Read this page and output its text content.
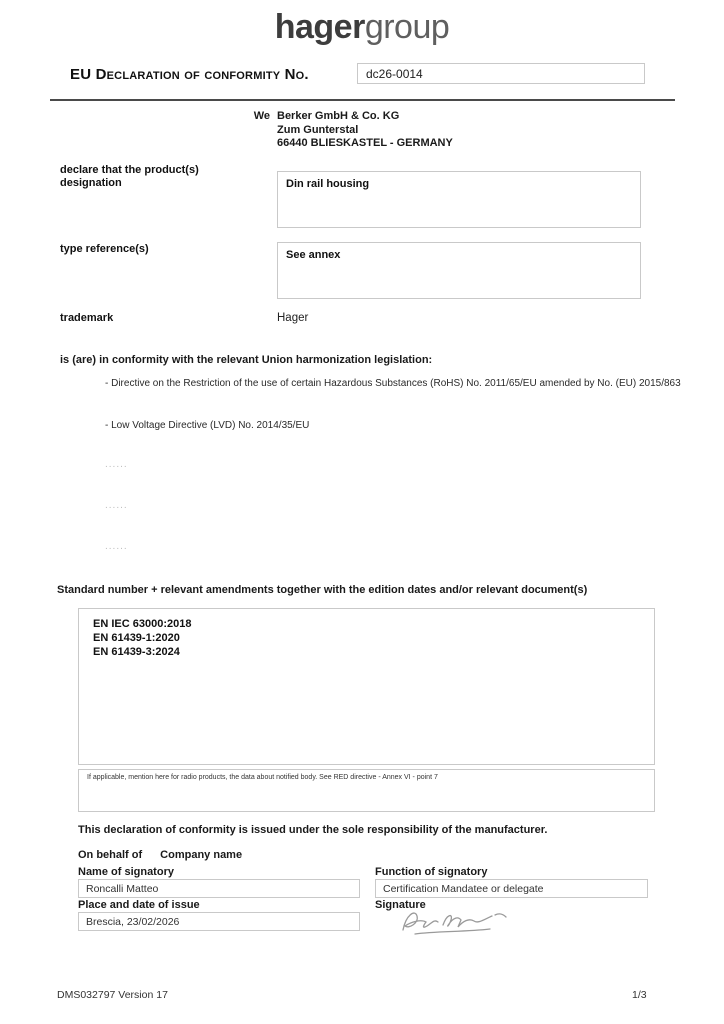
hagergroup
EU Declaration of conformity No.	dc26-0014
We Berker GmbH & Co. KG
Zum Gunterstal
66440 BLIESKASTEL - GERMANY
declare that the product(s)
designation	Din rail housing
type reference(s)	See annex
trademark	Hager
is (are) in conformity with the relevant Union harmonization legislation:
- Directive on the Restriction of the use of certain Hazardous Substances (RoHS) No. 2011/65/EU amended by No. (EU) 2015/863
- Low Voltage Directive (LVD) No. 2014/35/EU
......
......
......
Standard number + relevant amendments together with the edition dates and/or relevant document(s)
EN IEC 63000:2018
EN 61439-1:2020
EN 61439-3:2024
If applicable, mention here for radio products, the data about notified body. See RED directive - Annex VI - point 7
This declaration of conformity is issued under the sole responsibility of the manufacturer.
On behalf of Company name
Name of signatory	Function of signatory
Roncalli Matteo	Certification Mandatee or delegate
Place and date of issue	Signature
Brescia, 23/02/2026
DMS032797 Version 17	1/3
